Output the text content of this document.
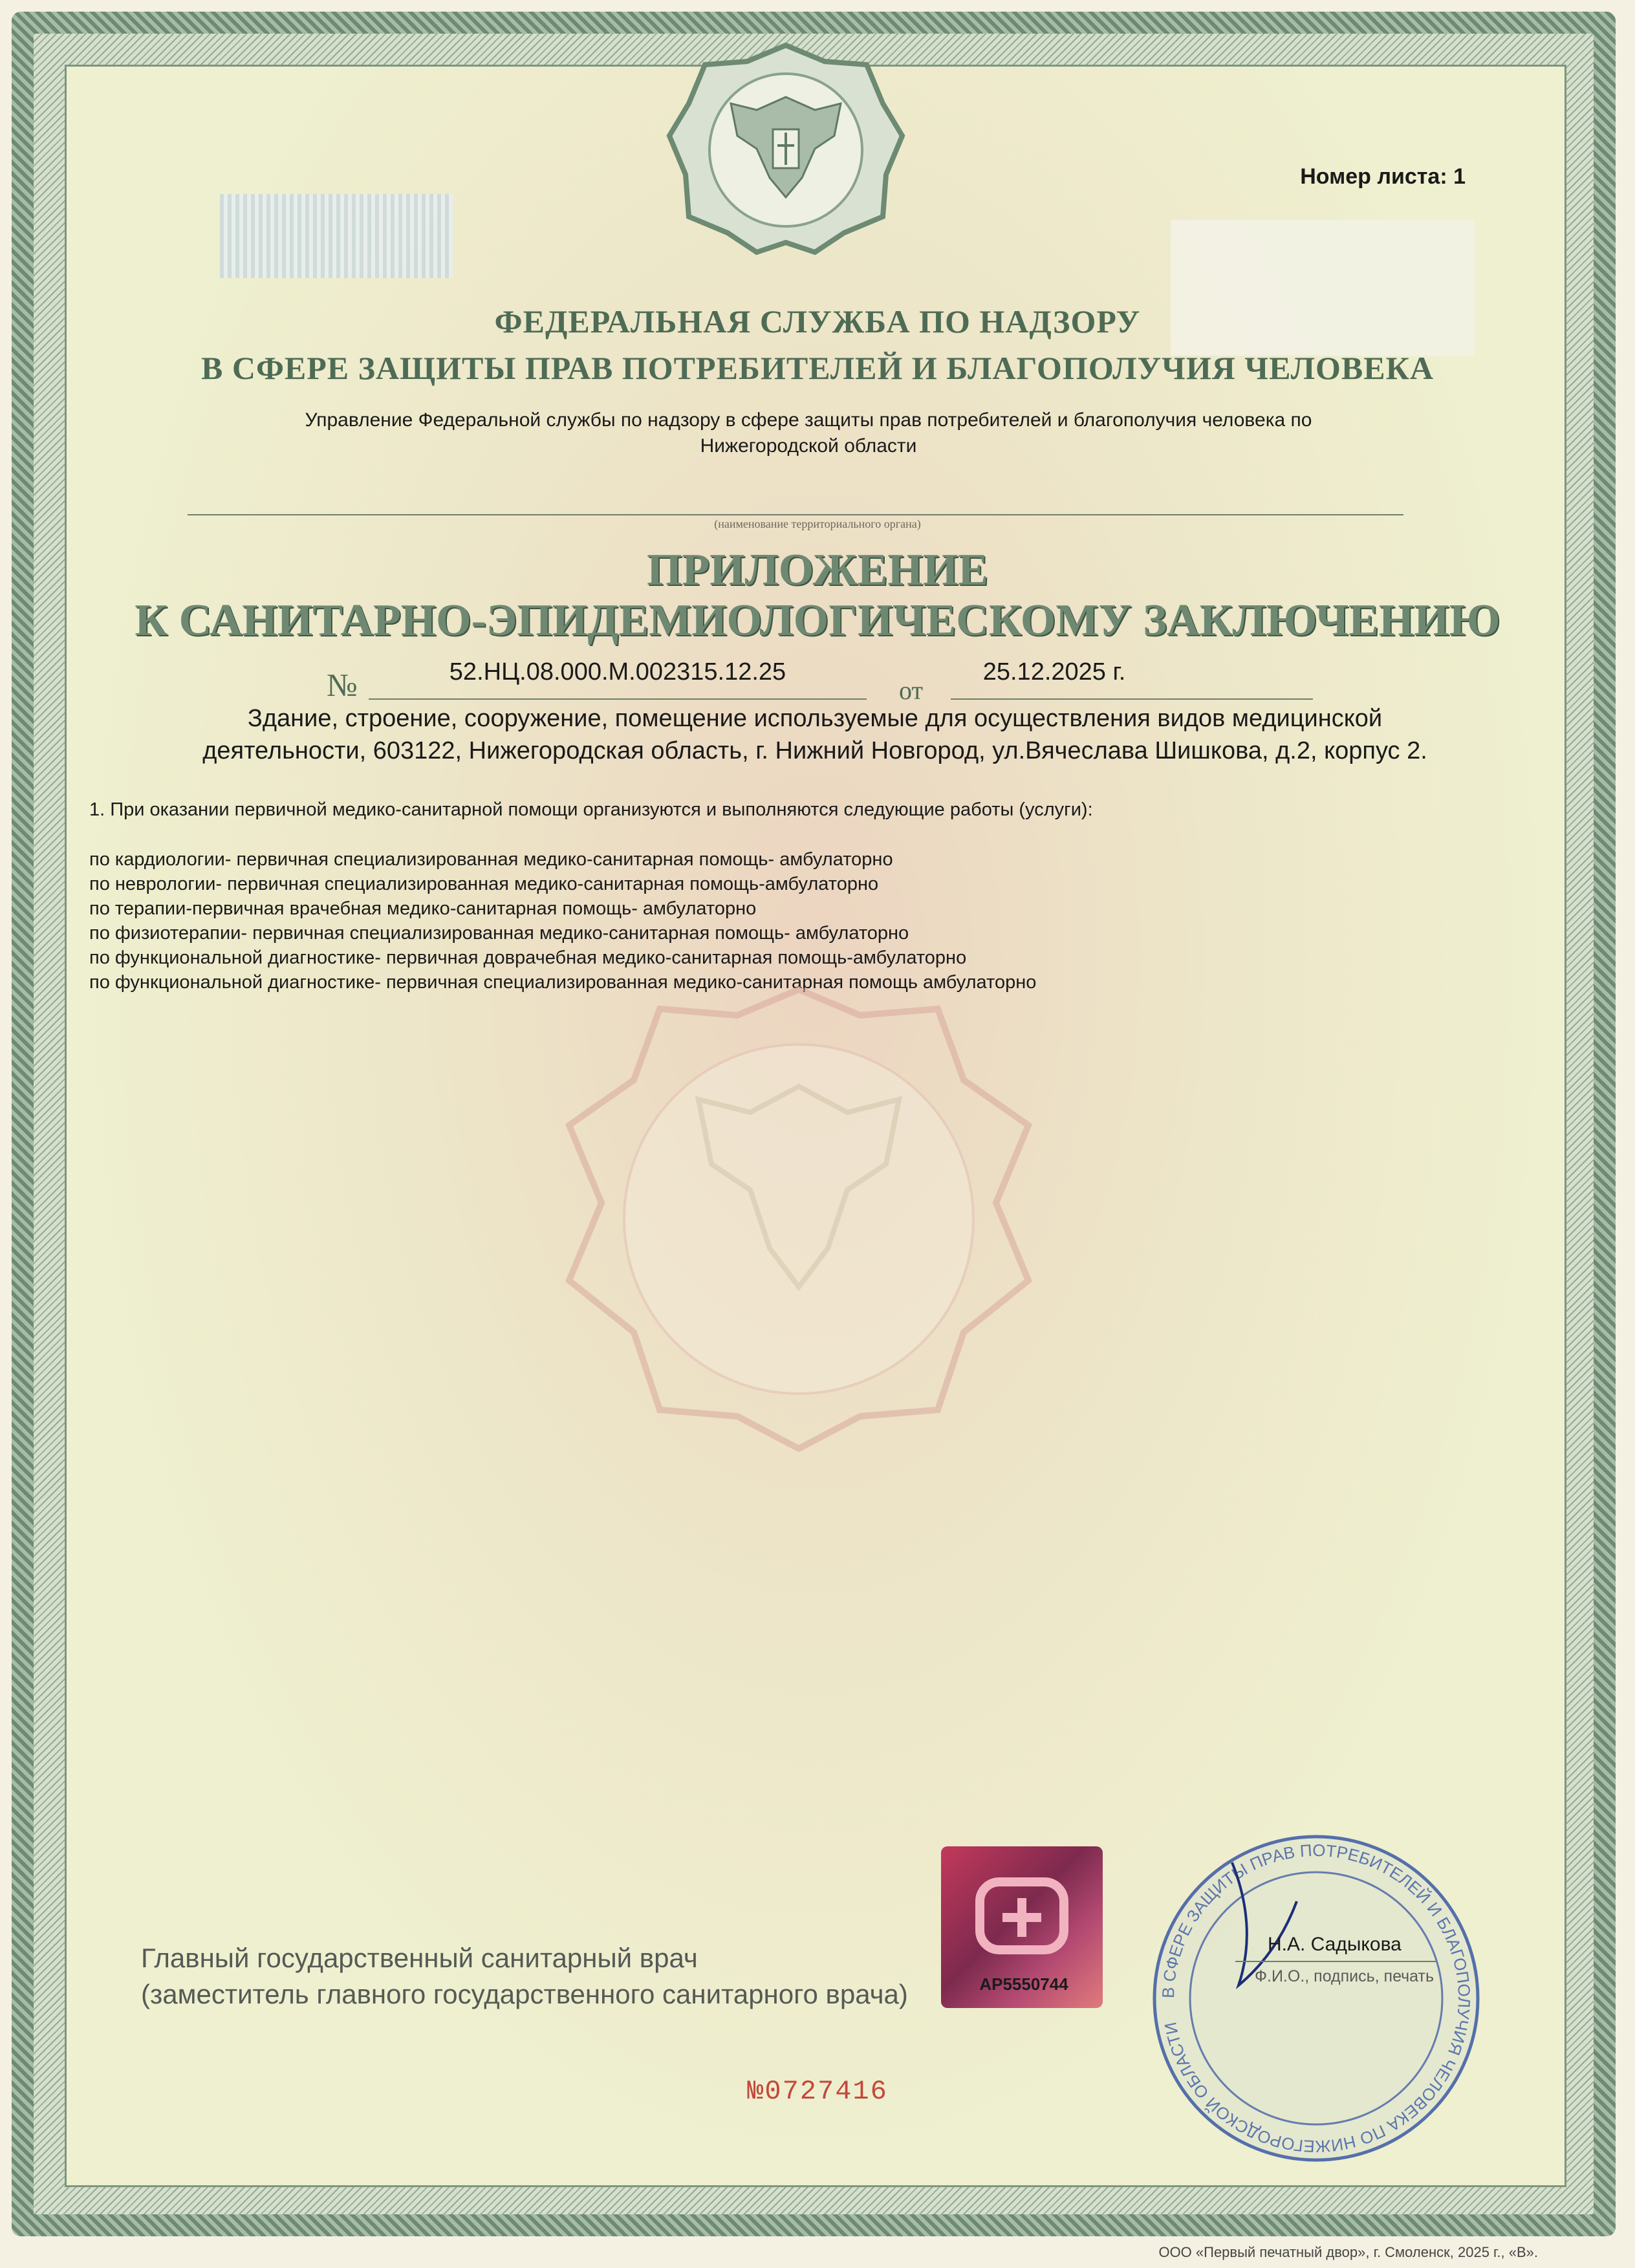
Номер листа: 1
ФЕДЕРАЛЬНАЯ СЛУЖБА ПО НАДЗОРУ
В СФЕРЕ ЗАЩИТЫ ПРАВ ПОТРЕБИТЕЛЕЙ И БЛАГОПОЛУЧИЯ ЧЕЛОВЕКА
Управление Федеральной службы по надзору в сфере защиты прав потребителей и благополучия человека по
Нижегородской области
(наименование территориального органа)
ПРИЛОЖЕНИЕ
К САНИТАРНО-ЭПИДЕМИОЛОГИЧЕСКОМУ ЗАКЛЮЧЕНИЮ
№	52.НЦ.08.000.М.002315.12.25
от
25.12.2025 г.
Здание, строение, сооружение, помещение используемые для осуществления видов медицинской
деятельности, 603122, Нижегородская область, г. Нижний Новгород, ул.Вячеслава Шишкова, д.2, корпус 2.
1. При оказании первичной медико-санитарной помощи организуются и выполняются следующие работы (услуги):
по кардиологии- первичная специализированная медико-санитарная помощь- амбулаторно
по неврологии- первичная специализированная медико-санитарная помощь-амбулаторно
по терапии-первичная врачебная медико-санитарная помощь- амбулаторно
по физиотерапии- первичная специализированная медико-санитарная помощь- амбулаторно
по функциональной диагностике- первичная доврачебная медико-санитарная помощь-амбулаторно
по функциональной диагностике- первичная специализированная медико-санитарная помощь амбулаторно
Главный государственный санитарный врач
(заместитель главного государственного санитарного врача)	АР5550744	В СФЕРЕ ЗАЩИТЫ ПРАВ ПОТРЕБИТЕЛЕЙ И БЛАГОПОЛУЧИЯ ЧЕЛОВЕКА ПО НИЖЕГОРОДСКОЙ ОБЛАСТИ
Н.А. Садыкова
Ф.И.О., подпись, печать
№0727416
ООО «Первый печатный двор», г. Смоленск, 2025 г., «В».
